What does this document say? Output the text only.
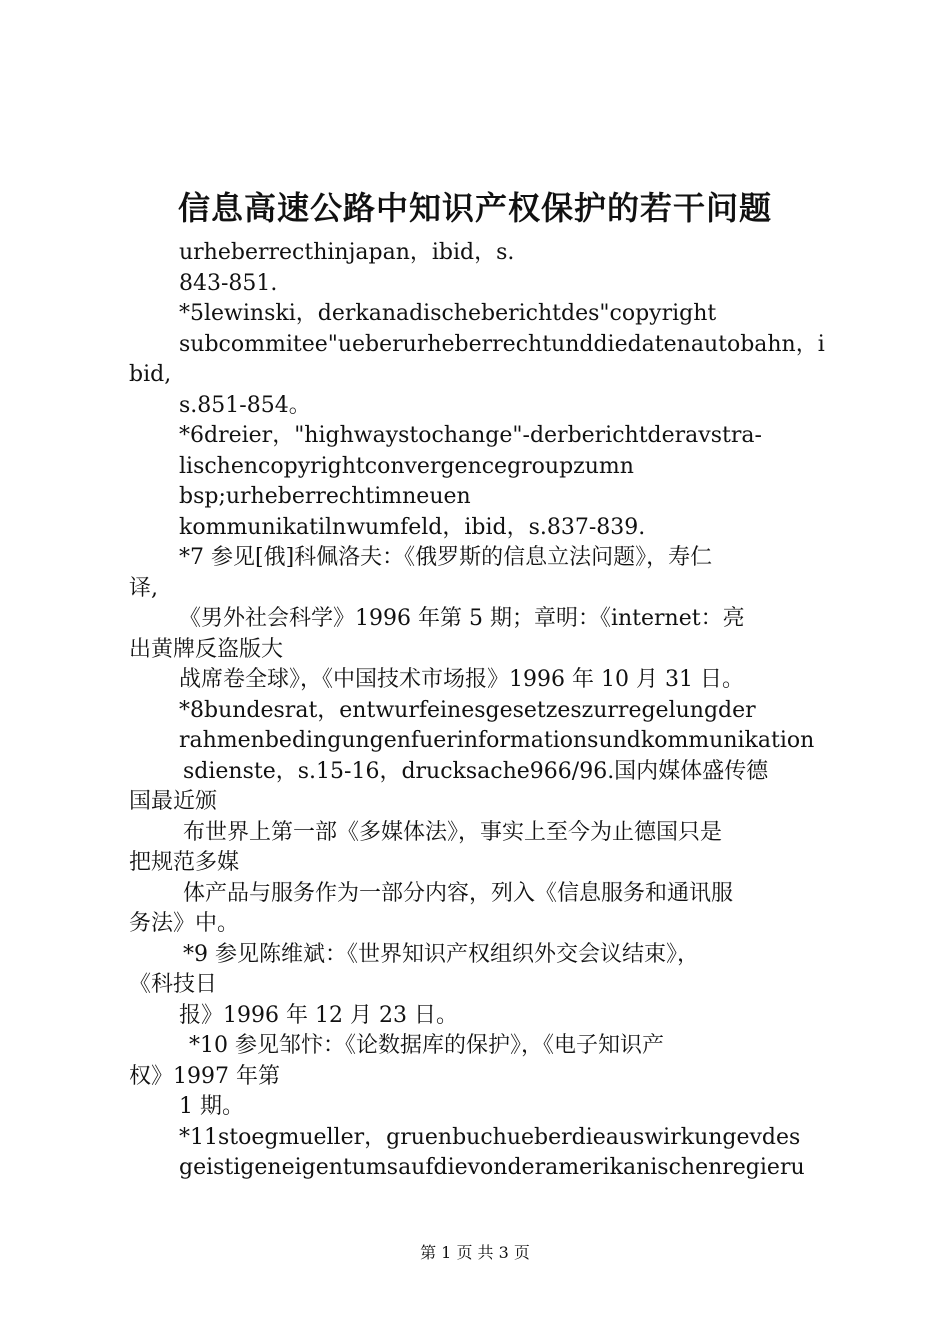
信息高速公路中知识产权保护的若干问题
urheberrecthinjapan，ibid，s.
843-851.
*5lewinski，derkanadischeberichtdes"copyright
subcommitee"ueberurheberrechtunddiedatenautobahn，i
bid,
s.851-854。
*6dreier，"highwaystochange"-derberichtderavstra-
lischencopyrightconvergencegroupzumn
bsp;urheberrechtimneuen
kommunikatilnwumfeld，ibid，s.837-839.
*7 参见[俄]科佩洛夫：《俄罗斯的信息立法问题》，寿仁
译,
《男外社会科学》1996 年第 5 期；章明：《internet：亮
出黄牌反盗版大
战席卷全球》，《中国技术市场报》1996 年 10 月 31 日。
*8bundesrat，entwurfeinesgesetzeszurregelungder
rahmenbedingungenfuerinformationsundkommunikation
sdienste，s.15-16，drucksache966/96.国内媒体盛传德
国最近颁
布世界上第一部《多媒体法》，事实上至今为止德国只是
把规范多媒
体产品与服务作为一部分内容，列入《信息服务和通讯服
务法》中。
*9 参见陈维斌：《世界知识产权组织外交会议结束》，
《科技日
报》1996 年 12 月 23 日。
*10 参见邹忭：《论数据库的保护》，《电子知识产
权》1997 年第
1 期。
*11stoegmueller，gruenbuchueberdieauswirkungevdes
geistigeneigentumsaufdievonderamerikanischenregieru
第 1 页 共 3 页
